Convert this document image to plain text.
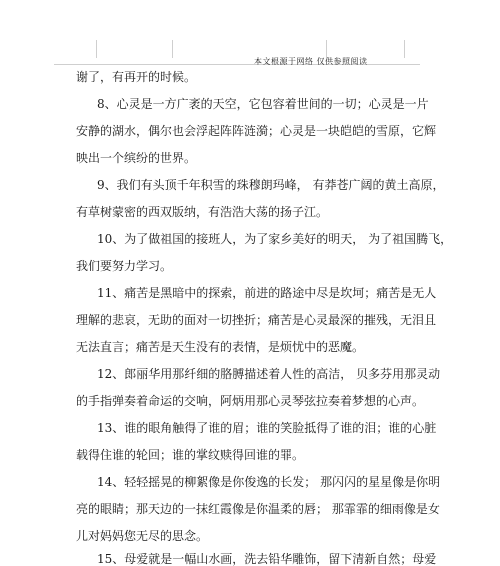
本文根源于网络 仅供参照阅读
谢了，有再开的时候。
8、心灵是一方广袤的天空，它包容着世间的一切；心灵是一片
安静的湖水，偶尔也会浮起阵阵涟漪；心灵是一块皑皑的雪原，它辉
映出一个缤纷的世界。
9、我们有头顶千年积雪的珠穆朗玛峰， 有莽苍广阔的黄土高原，
有草树蒙密的西双版纳，有浩浩大荡的扬子江。
10、为了做祖国的接班人，为了家乡美好的明天， 为了祖国腾飞，
我们要努力学习。
11、痛苦是黑暗中的探索，前进的路途中尽是坎坷；痛苦是无人
理解的悲哀，无助的面对一切挫折；痛苦是心灵最深的摧残，无泪且
无法直言；痛苦是天生没有的表情，是烦忧中的恶魔。
12、郎丽华用那纤细的胳膊描述着人性的高洁， 贝多芬用那灵动
的手指弹奏着命运的交响，阿炳用那心灵琴弦拉奏着梦想的心声。
13、谁的眼角触得了谁的眉；谁的笑脸抵得了谁的泪；谁的心脏
载得住谁的轮回；谁的掌纹赎得回谁的罪。
14、轻轻摇晃的柳絮像是你俊逸的长发； 那闪闪的星星像是你明
亮的眼睛；那天边的一抹红霞像是你温柔的唇； 那霏霏的细雨像是女
儿对妈妈您无尽的思念。
15、母爱就是一幅山水画，洗去铅华雕饰，留下清新自然；母爱
